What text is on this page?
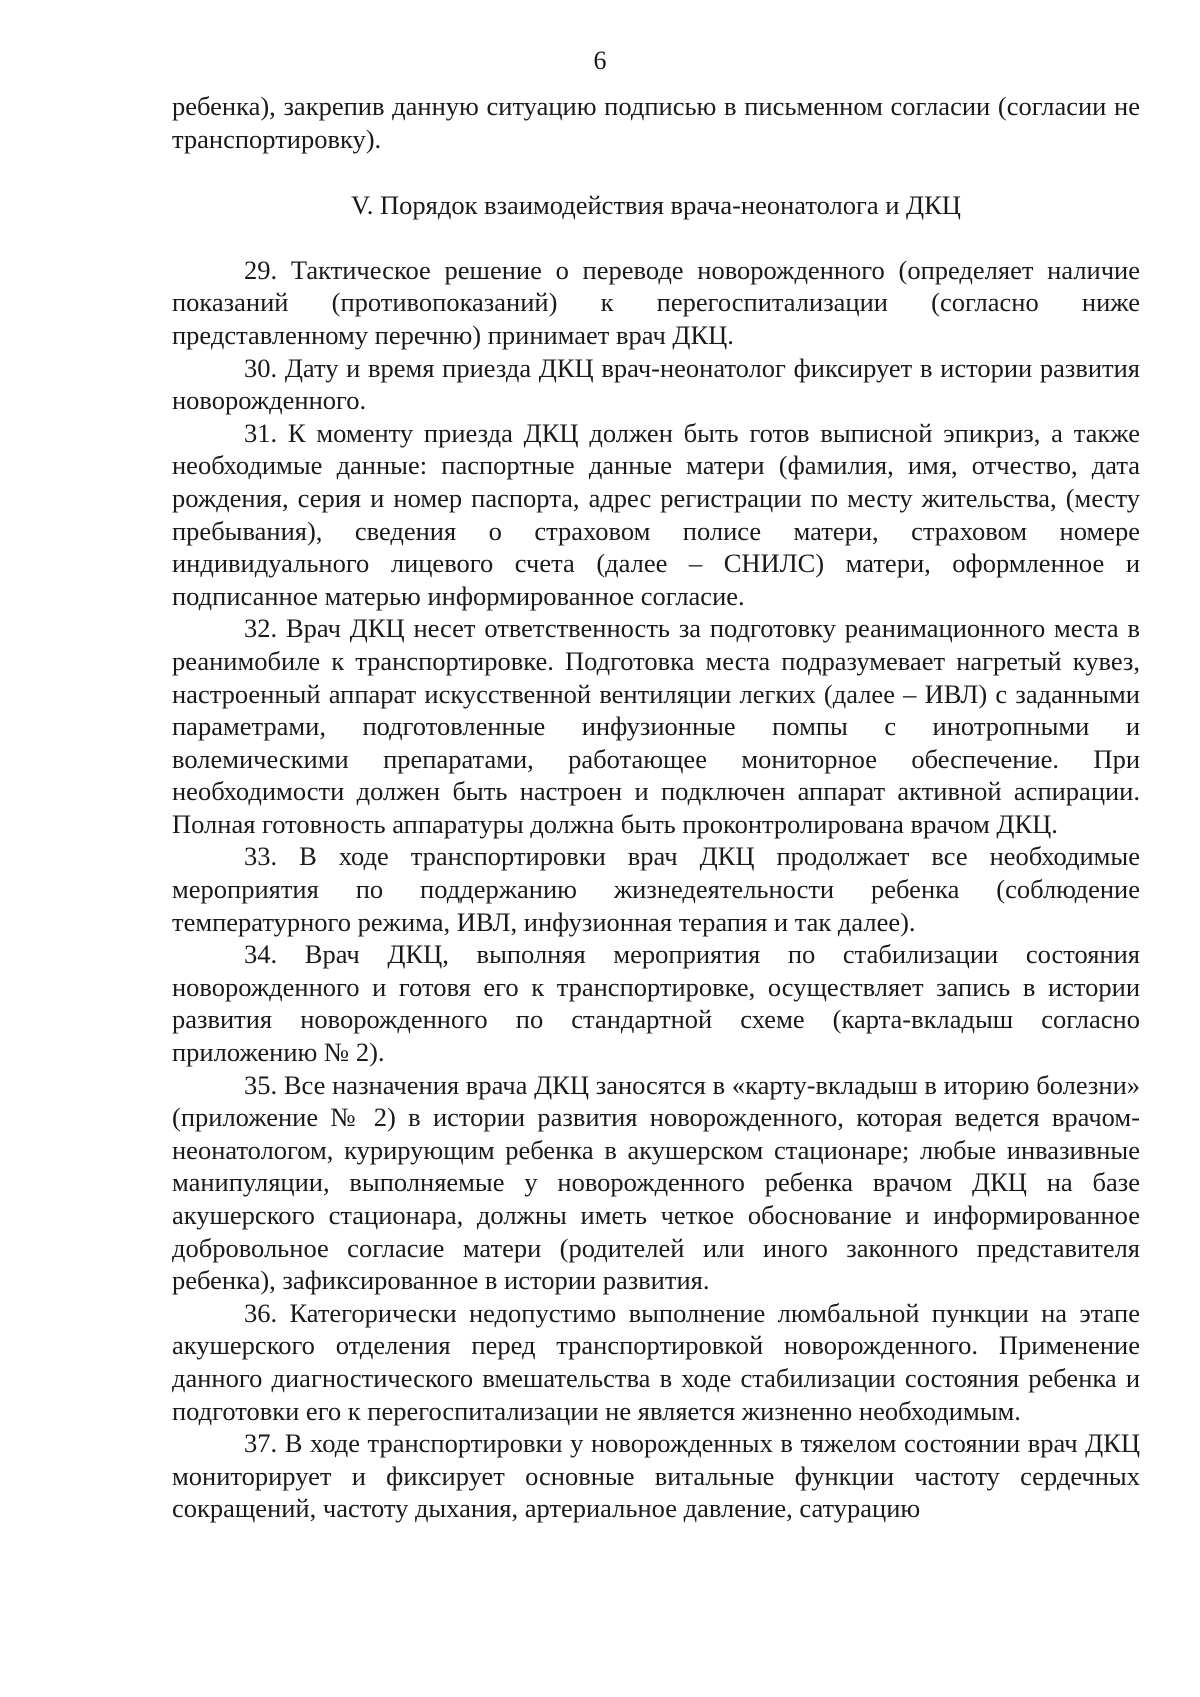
6

ребенка), закрепив данную ситуацию подписью в письменном согласии (согласии не транспортировку).

V. Порядок взаимодействия врача-неонатолога и ДКЦ

29. Тактическое решение о переводе новорожденного (определяет наличие показаний (противопоказаний) к перегоспитализации (согласно ниже представленному перечню) принимает врач ДКЦ.

30. Дату и время приезда ДКЦ врач-неонатолог фиксирует в истории развития новорожденного.

31. К моменту приезда ДКЦ должен быть готов выписной эпикриз, а также необходимые данные: паспортные данные матери (фамилия, имя, отчество, дата рождения, серия и номер паспорта, адрес регистрации по месту жительства, (месту пребывания), сведения о страховом полисе матери, страховом номере индивидуального лицевого счета (далее – СНИЛС) матери, оформленное и подписанное матерью информированное согласие.

32. Врач ДКЦ несет ответственность за подготовку реанимационного места в реанимобиле к транспортировке. Подготовка места подразумевает нагретый кувез, настроенный аппарат искусственной вентиляции легких (далее – ИВЛ) с заданными параметрами, подготовленные инфузионные помпы с инотропными и волемическими препаратами, работающее мониторное обеспечение. При необходимости должен быть настроен и подключен аппарат активной аспирации. Полная готовность аппаратуры должна быть проконтролирована врачом ДКЦ.

33. В ходе транспортировки врач ДКЦ продолжает все необходимые мероприятия по поддержанию жизнедеятельности ребенка (соблюдение температурного режима, ИВЛ, инфузионная терапия и так далее).

34. Врач ДКЦ, выполняя мероприятия по стабилизации состояния новорожденного и готовя его к транспортировке, осуществляет запись в истории развития новорожденного по стандартной схеме (карта-вкладыш согласно приложению № 2).

35. Все назначения врача ДКЦ заносятся в «карту-вкладыш в иторию болезни» (приложение № 2) в истории развития новорожденного, которая ведется врачом-неонатологом, курирующим ребенка в акушерском стационаре; любые инвазивные манипуляции, выполняемые у новорожденного ребенка врачом ДКЦ на базе акушерского стационара, должны иметь четкое обоснование и информированное добровольное согласие матери (родителей или иного законного представителя ребенка), зафиксированное в истории развития.

36. Категорически недопустимо выполнение люмбальной пункции на этапе акушерского отделения перед транспортировкой новорожденного. Применение данного диагностического вмешательства в ходе стабилизации состояния ребенка и подготовки его к перегоспитализации не является жизненно необходимым.

37. В ходе транспортировки у новорожденных в тяжелом состоянии врач ДКЦ мониторирует и фиксирует основные витальные функции частоту сердечных сокращений, частоту дыхания, артериальное давление, сатурацию
